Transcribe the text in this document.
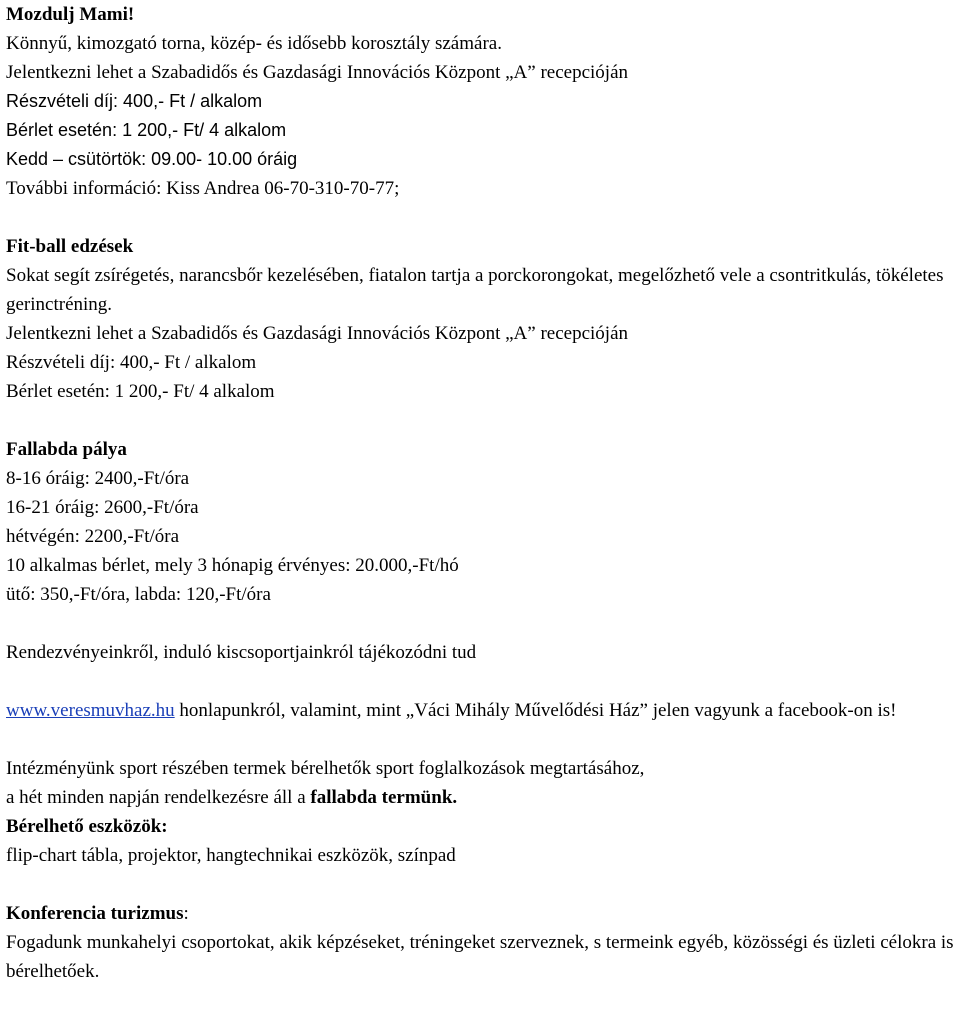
Mozdulj Mami!
Könnyű, kimozgató torna, közép- és idősebb korosztály számára.
Jelentkezni lehet a Szabadidős és Gazdasági Innovációs Központ „A” recepcióján
Részvételi díj: 400,- Ft / alkalom
Bérlet esetén: 1 200,- Ft/ 4 alkalom
Kedd – csütörtök: 09.00- 10.00 óráig
További információ: Kiss Andrea 06-70-310-70-77;
Fit-ball edzések
Sokat segít zsírégetés, narancsbőr kezelésében, fiatalon tartja a porckorongokat, megelőzhető vele a csontritkulás, tökéletes gerinctréning.
Jelentkezni lehet a Szabadidős és Gazdasági Innovációs Központ „A” recepcióján
Részvételi díj: 400,- Ft / alkalom
Bérlet esetén: 1 200,- Ft/ 4 alkalom
Fallabda pálya
8-16 óráig: 2400,-Ft/óra
16-21 óráig: 2600,-Ft/óra
hétvégén: 2200,-Ft/óra
10 alkalmas bérlet, mely 3 hónapig érvényes: 20.000,-Ft/hó
ütő: 350,-Ft/óra, labda: 120,-Ft/óra
Rendezvényeinkről, induló kiscsoportjainkról tájékozódni tud
www.veresmuvhaz.hu honlapunkról, valamint, mint „Váci Mihály Művelődési Ház” jelen vagyunk a facebook-on is!
Intézményünk sport részében termek bérelhetők sport foglalkozások megtartásához,
a hét minden napján rendelkezésre áll a fallabda termünk.
Bérelhető eszközök:
flip-chart tábla, projektor, hangtechnikai eszközök, színpad
Konferencia turizmus:
Fogadunk munkahelyi csoportokat, akik képzéseket, tréningeket szerveznek, s termeink egyéb, közösségi és üzleti célokra is bérelhetőek.
